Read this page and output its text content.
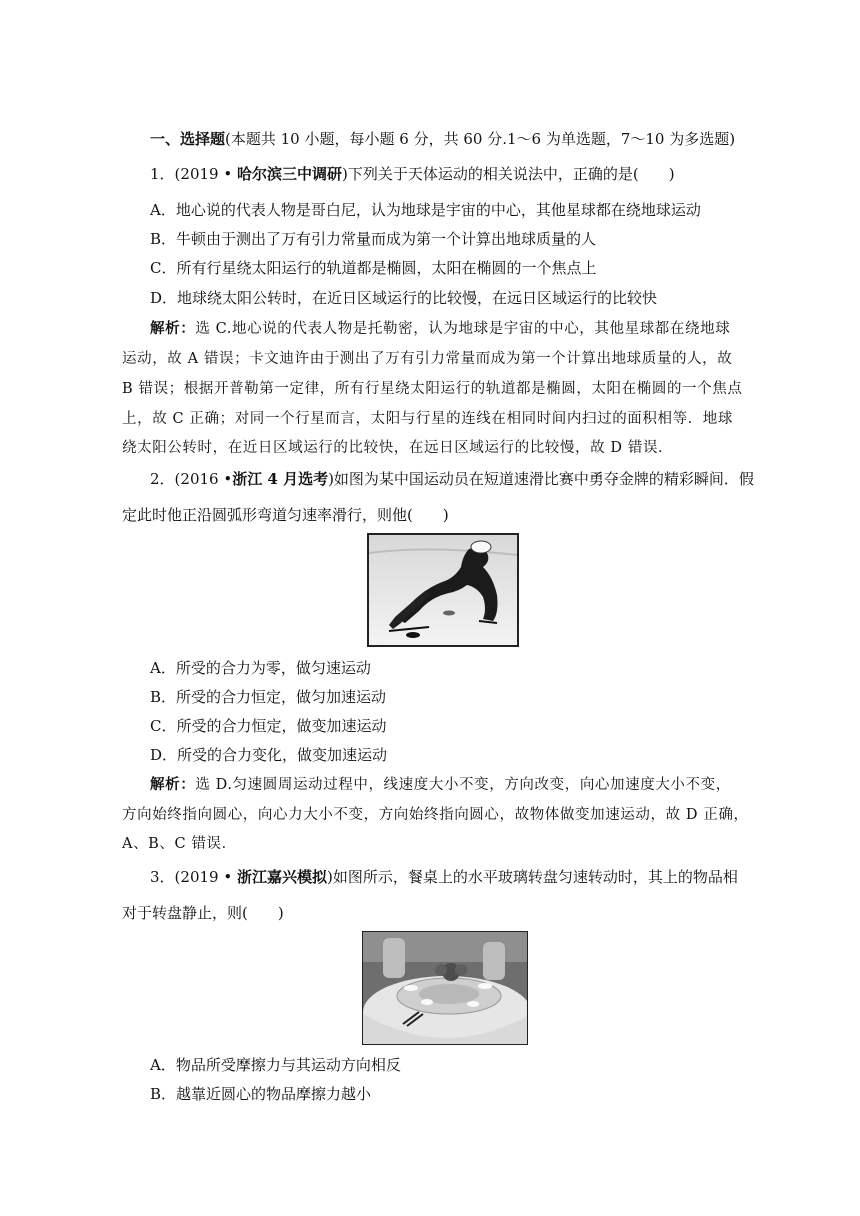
一、选择题(本题共 10 小题，每小题 6 分，共 60 分.1～6 为单选题，7～10 为多选题)
1．(2019 • 哈尔滨三中调研)下列关于天体运动的相关说法中，正确的是(　　)
A．地心说的代表人物是哥白尼，认为地球是宇宙的中心，其他星球都在绕地球运动
B．牛顿由于测出了万有引力常量而成为第一个计算出地球质量的人
C．所有行星绕太阳运行的轨道都是椭圆，太阳在椭圆的一个焦点上
D．地球绕太阳公转时，在近日区域运行的比较慢，在远日区域运行的比较快
解析：选 C.地心说的代表人物是托勒密，认为地球是宇宙的中心，其他星球都在绕地球
运动，故 A 错误；卡文迪许由于测出了万有引力常量而成为第一个计算出地球质量的人，故
B 错误；根据开普勒第一定律，所有行星绕太阳运行的轨道都是椭圆，太阳在椭圆的一个焦点
上，故 C 正确；对同一个行星而言，太阳与行星的连线在相同时间内扫过的面积相等．地球
绕太阳公转时，在近日区域运行的比较快，在远日区域运行的比较慢，故 D 错误．
2．(2016 •浙江 4 月选考)如图为某中国运动员在短道速滑比赛中勇夺金牌的精彩瞬间．假
定此时他正沿圆弧形弯道匀速率滑行，则他(　　)
A．所受的合力为零，做匀速运动
B．所受的合力恒定，做匀加速运动
C．所受的合力恒定，做变加速运动
D．所受的合力变化，做变加速运动
解析：选 D.匀速圆周运动过程中，线速度大小不变，方向改变，向心加速度大小不变，
方向始终指向圆心，向心力大小不变，方向始终指向圆心，故物体做变加速运动，故 D 正确，
A、B、C 错误．
3．(2019 • 浙江嘉兴模拟)如图所示，餐桌上的水平玻璃转盘匀速转动时，其上的物品相
对于转盘静止，则(　　)
A．物品所受摩擦力与其运动方向相反
B．越靠近圆心的物品摩擦力越小
